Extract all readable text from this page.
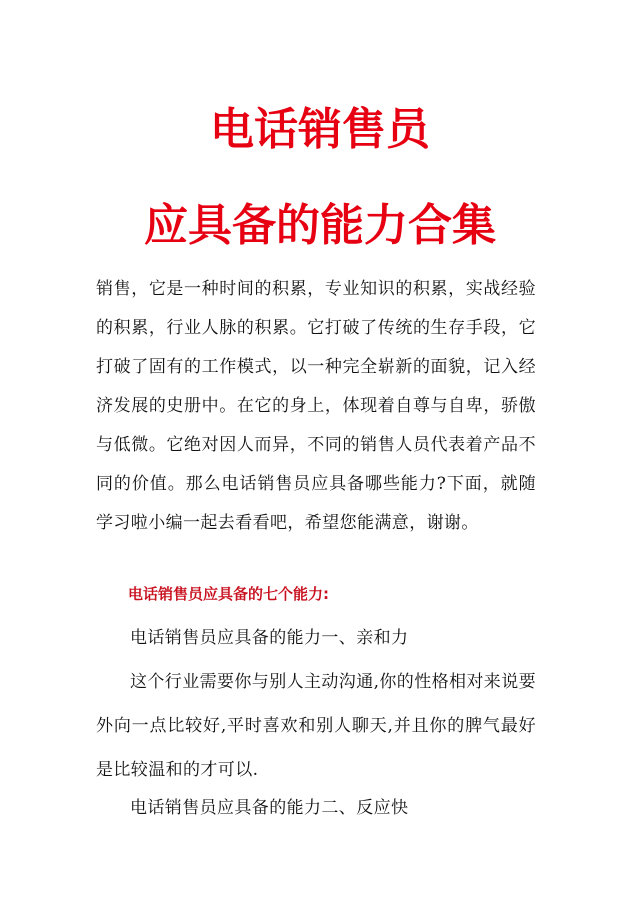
电话销售员
应具备的能力合集

销售，它是一种时间的积累，专业知识的积累，实战经验的积累，行业人脉的积累。它打破了传统的生存手段，它打破了固有的工作模式，以一种完全崭新的面貌，记入经济发展的史册中。在它的身上，体现着自尊与自卑，骄傲与低微。它绝对因人而异，不同的销售人员代表着产品不同的价值。那么电话销售员应具备哪些能力?下面，就随学习啦小编一起去看看吧，希望您能满意，谢谢。

电话销售员应具备的七个能力:

电话销售员应具备的能力一、亲和力

这个行业需要你与别人主动沟通,你的性格相对来说要外向一点比较好,平时喜欢和别人聊天,并且你的脾气最好是比较温和的才可以.

电话销售员应具备的能力二、反应快
